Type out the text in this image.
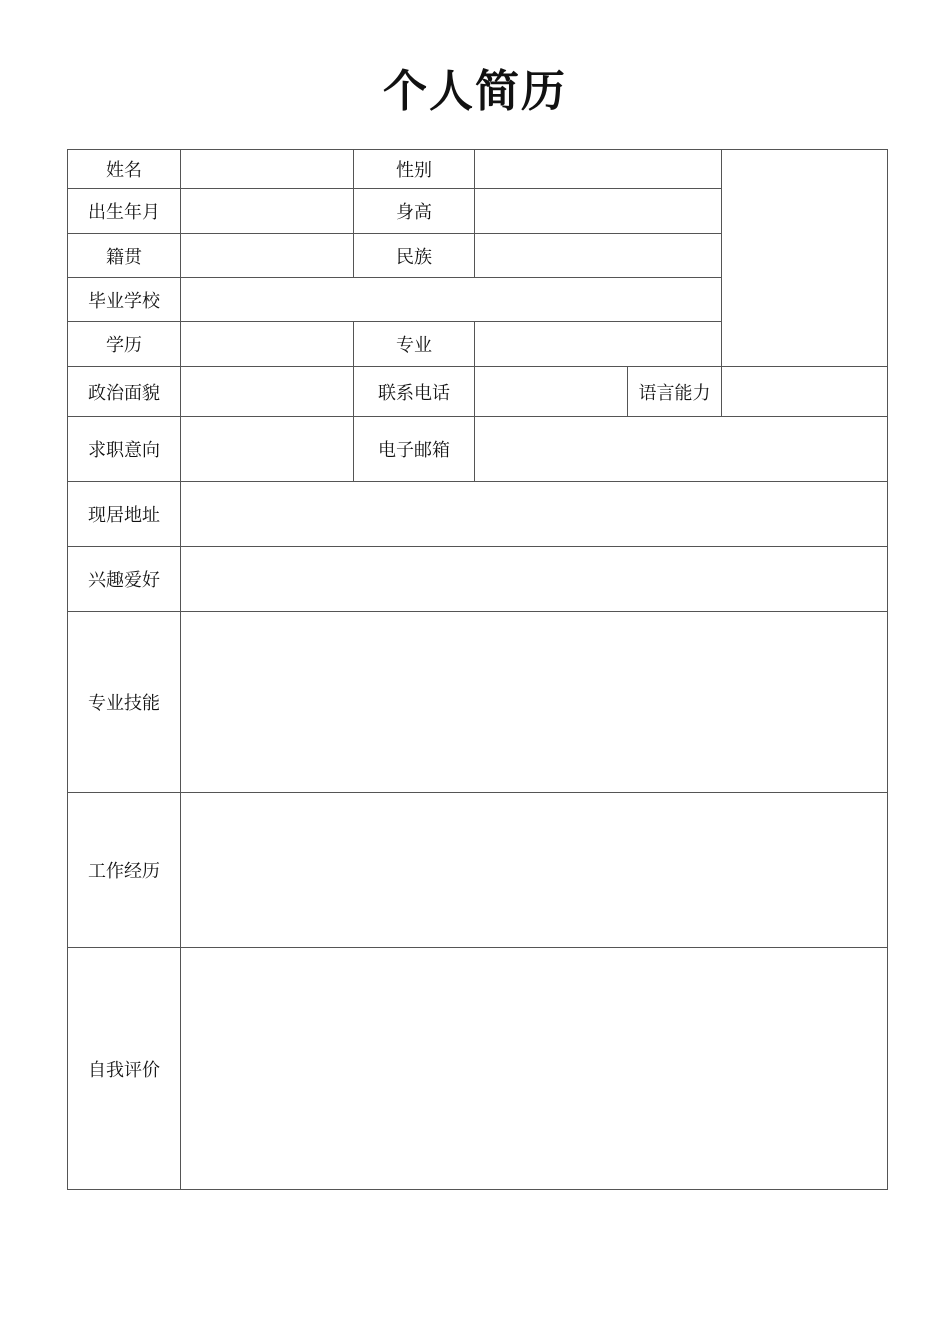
个人简历
姓名		性别			
出生年月		身高			
籍贯		民族			
毕业学校					
学历		专业			
政治面貌		联系电话		语言能力	
求职意向		电子邮箱			
现居地址					
兴趣爱好					
专业技能					
工作经历					
自我评价					
